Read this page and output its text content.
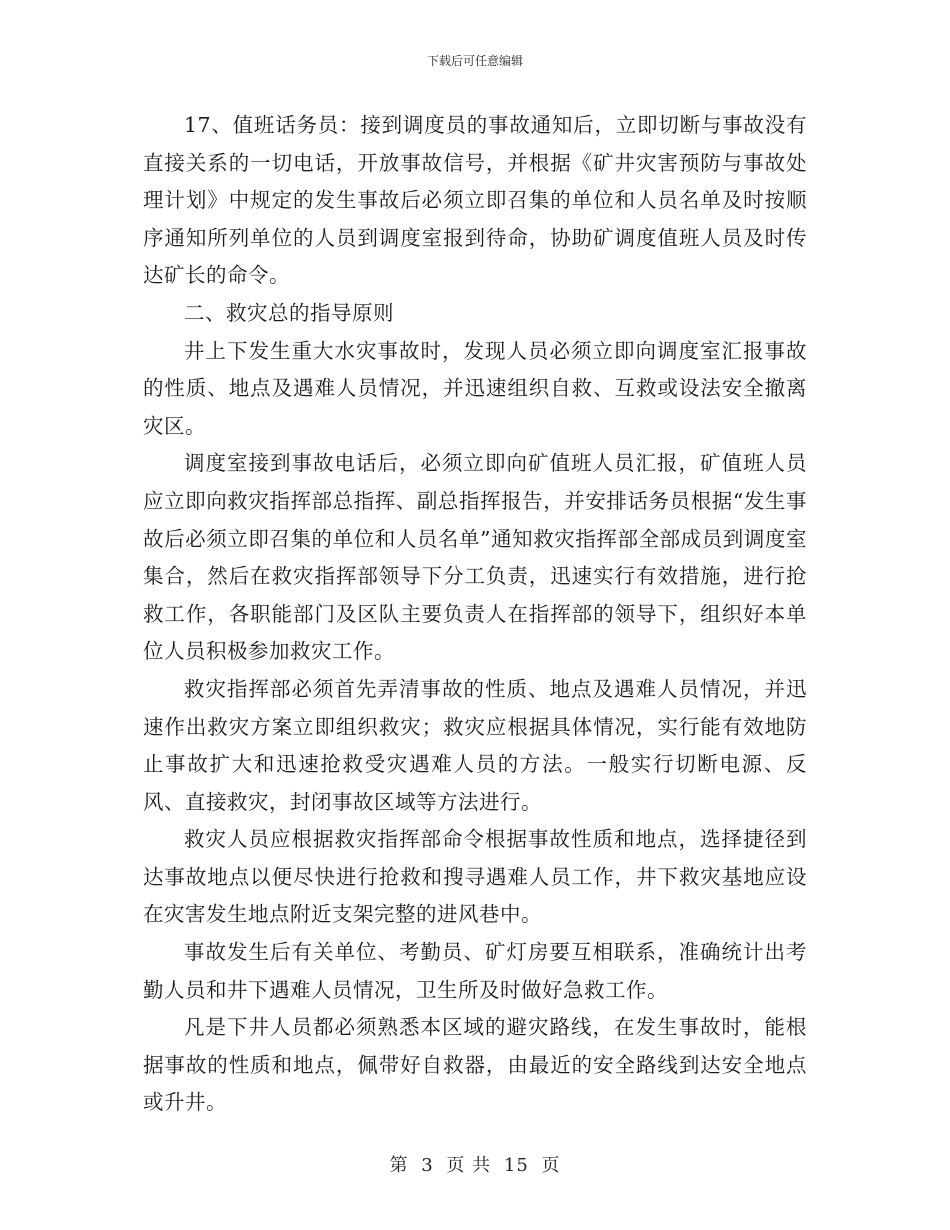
下载后可任意编辑

17、值班话务员：接到调度员的事故通知后，立即切断与事故没有直接关系的一切电话，开放事故信号，并根据《矿井灾害预防与事故处理计划》中规定的发生事故后必须立即召集的单位和人员名单及时按顺序通知所列单位的人员到调度室报到待命，协助矿调度值班人员及时传达矿长的命令。

二、救灾总的指导原则

井上下发生重大水灾事故时，发现人员必须立即向调度室汇报事故的性质、地点及遇难人员情况，并迅速组织自救、互救或设法安全撤离灾区。

调度室接到事故电话后，必须立即向矿值班人员汇报，矿值班人员应立即向救灾指挥部总指挥、副总指挥报告，并安排话务员根据“发生事故后必须立即召集的单位和人员名单”通知救灾指挥部全部成员到调度室集合，然后在救灾指挥部领导下分工负责，迅速实行有效措施，进行抢救工作，各职能部门及区队主要负责人在指挥部的领导下，组织好本单位人员积极参加救灾工作。

救灾指挥部必须首先弄清事故的性质、地点及遇难人员情况，并迅速作出救灾方案立即组织救灾；救灾应根据具体情况，实行能有效地防止事故扩大和迅速抢救受灾遇难人员的方法。一般实行切断电源、反风、直接救灾，封闭事故区域等方法进行。

救灾人员应根据救灾指挥部命令根据事故性质和地点，选择捷径到达事故地点以便尽快进行抢救和搜寻遇难人员工作，井下救灾基地应设在灾害发生地点附近支架完整的进风巷中。

事故发生后有关单位、考勤员、矿灯房要互相联系，准确统计出考勤人员和井下遇难人员情况，卫生所及时做好急救工作。

凡是下井人员都必须熟悉本区域的避灾路线，在发生事故时，能根据事故的性质和地点，佩带好自救器，由最近的安全路线到达安全地点或升井。

第 3 页 共 15 页
